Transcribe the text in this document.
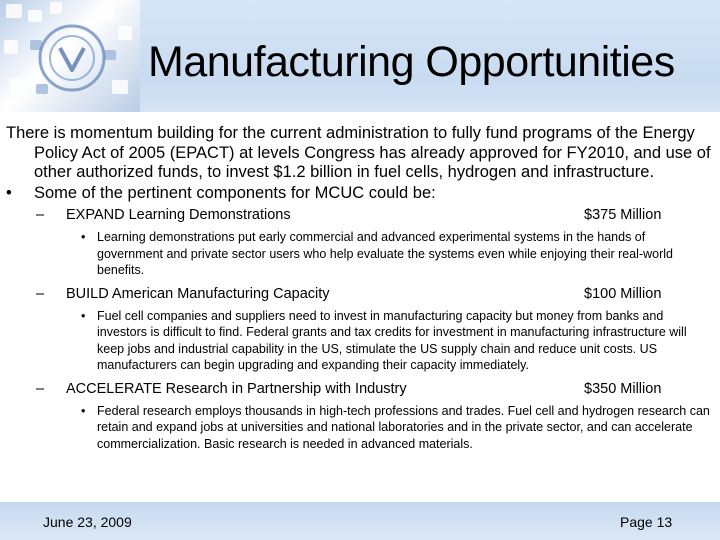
Manufacturing Opportunities

There is momentum building for the current administration to fully fund programs of the Energy Policy Act of 2005 (EPACT) at levels Congress has already approved for FY2010, and use of other authorized funds, to invest $1.2 billion in fuel cells, hydrogen and infrastructure.

• Some of the pertinent components for MCUC could be:
– EXPAND Learning Demonstrations	$375 Million
• Learning demonstrations put early commercial and advanced experimental systems in the hands of government and private sector users who help evaluate the systems even while enjoying their real-world benefits.
– BUILD American Manufacturing Capacity	$100 Million
• Fuel cell companies and suppliers need to invest in manufacturing capacity but money from banks and investors is difficult to find. Federal grants and tax credits for investment in manufacturing infrastructure will keep jobs and industrial capability in the US, stimulate the US supply chain and reduce unit costs. US manufacturers can begin upgrading and expanding their capacity immediately.
– ACCELERATE Research in Partnership with Industry	$350 Million
• Federal research employs thousands in high-tech professions and trades. Fuel cell and hydrogen research can retain and expand jobs at universities and national laboratories and in the private sector, and can accelerate commercialization. Basic research is needed in advanced materials.
June 23, 2009	Page 13
